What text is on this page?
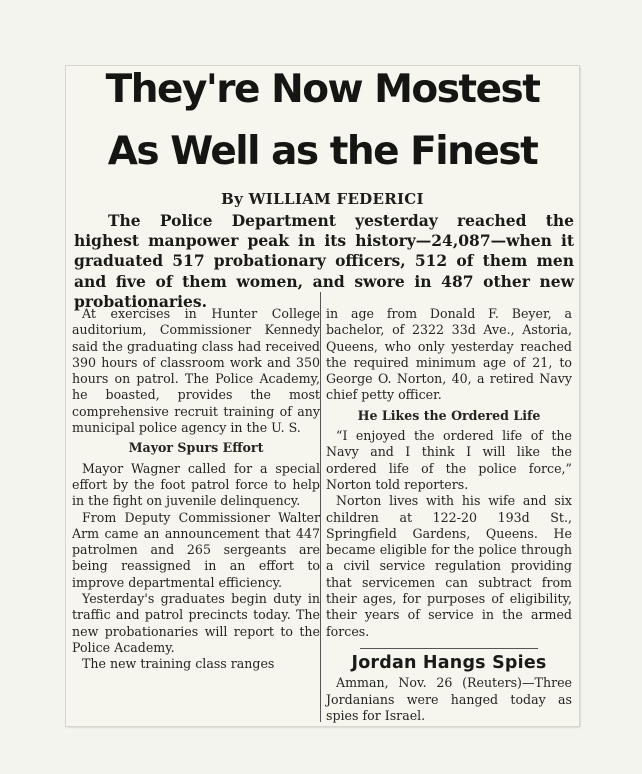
They're Now Mostest
As Well as the Finest
By WILLIAM FEDERICI

The Police Department yesterday reached the highest manpower peak in its history—24,087—when it graduated 517 probationary officers, 512 of them men and five of them women, and swore in 487 other new probationaries.

At exercises in Hunter College auditorium, Commissioner Kennedy said the graduating class had received 390 hours of classroom work and 350 hours on patrol. The Police Academy, he boasted, provides the most comprehensive recruit training of any municipal police agency in the U. S.

Mayor Spurs Effort

Mayor Wagner called for a special effort by the foot patrol force to help in the fight on juvenile delinquency.

From Deputy Commissioner Walter Arm came an announcement that 447 patrolmen and 265 sergeants are being reassigned in an effort to improve departmental efficiency.

Yesterday's graduates begin duty in traffic and patrol precincts today. The new probationaries will report to the Police Academy.

The new training class ranges

in age from Donald F. Beyer, a bachelor, of 2322 33d Ave., Astoria, Queens, who only yesterday reached the required minimum age of 21, to George O. Norton, 40, a retired Navy chief petty officer.

He Likes the Ordered Life

“I enjoyed the ordered life of the Navy and I think I will like the ordered life of the police force,” Norton told reporters.

Norton lives with his wife and six children at 122-20 193d St., Springfield Gardens, Queens. He became eligible for the police through a civil service regulation providing that servicemen can subtract from their ages, for purposes of eligibility, their years of service in the armed forces.

Jordan Hangs Spies

Amman, Nov. 26 (Reuters)—Three Jordanians were hanged today as spies for Israel.
